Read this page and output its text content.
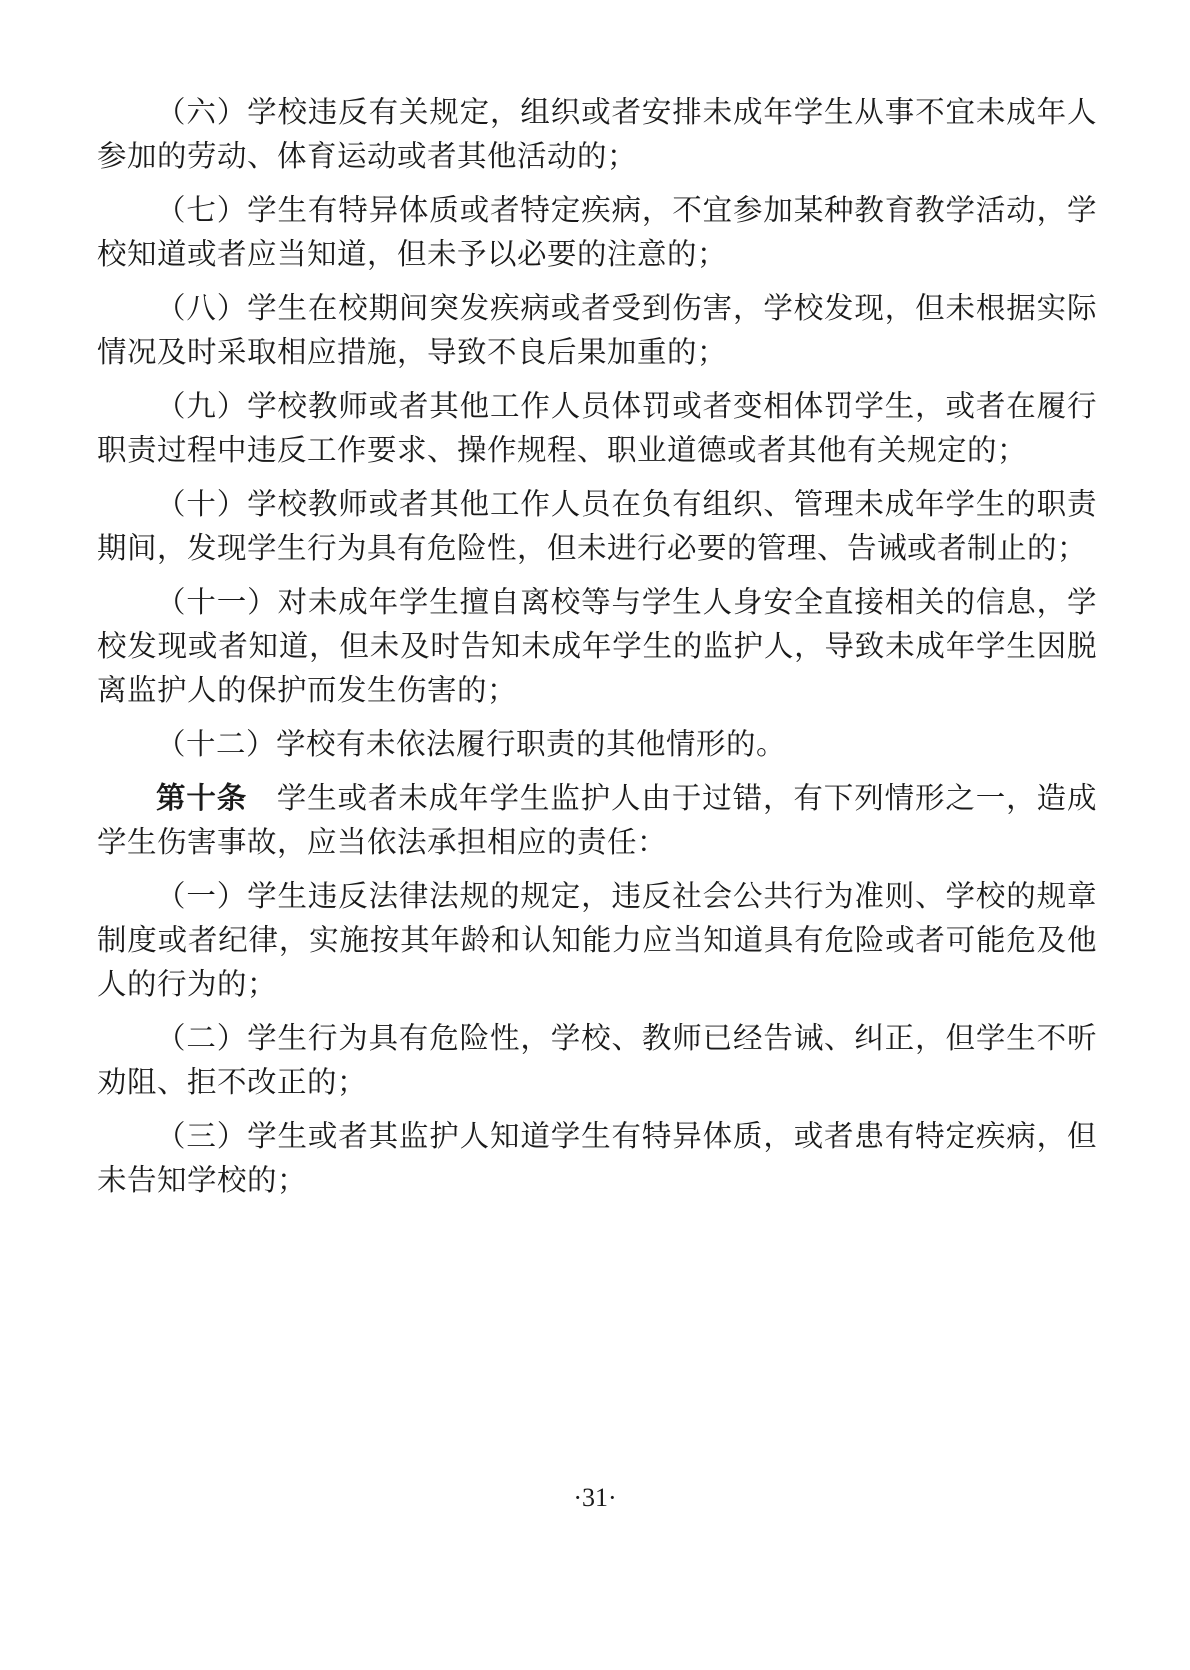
（六）学校违反有关规定，组织或者安排未成年学生从事不宜未成年人参加的劳动、体育运动或者其他活动的；

（七）学生有特异体质或者特定疾病，不宜参加某种教育教学活动，学校知道或者应当知道，但未予以必要的注意的；

（八）学生在校期间突发疾病或者受到伤害，学校发现，但未根据实际情况及时采取相应措施，导致不良后果加重的；

（九）学校教师或者其他工作人员体罚或者变相体罚学生，或者在履行职责过程中违反工作要求、操作规程、职业道德或者其他有关规定的；

（十）学校教师或者其他工作人员在负有组织、管理未成年学生的职责期间，发现学生行为具有危险性，但未进行必要的管理、告诫或者制止的；

（十一）对未成年学生擅自离校等与学生人身安全直接相关的信息，学校发现或者知道，但未及时告知未成年学生的监护人，导致未成年学生因脱离监护人的保护而发生伤害的；

（十二）学校有未依法履行职责的其他情形的。

第十条 学生或者未成年学生监护人由于过错，有下列情形之一，造成学生伤害事故，应当依法承担相应的责任：

（一）学生违反法律法规的规定，违反社会公共行为准则、学校的规章制度或者纪律，实施按其年龄和认知能力应当知道具有危险或者可能危及他人的行为的；

（二）学生行为具有危险性，学校、教师已经告诫、纠正，但学生不听劝阻、拒不改正的；

（三）学生或者其监护人知道学生有特异体质，或者患有特定疾病，但未告知学校的；

·31·
